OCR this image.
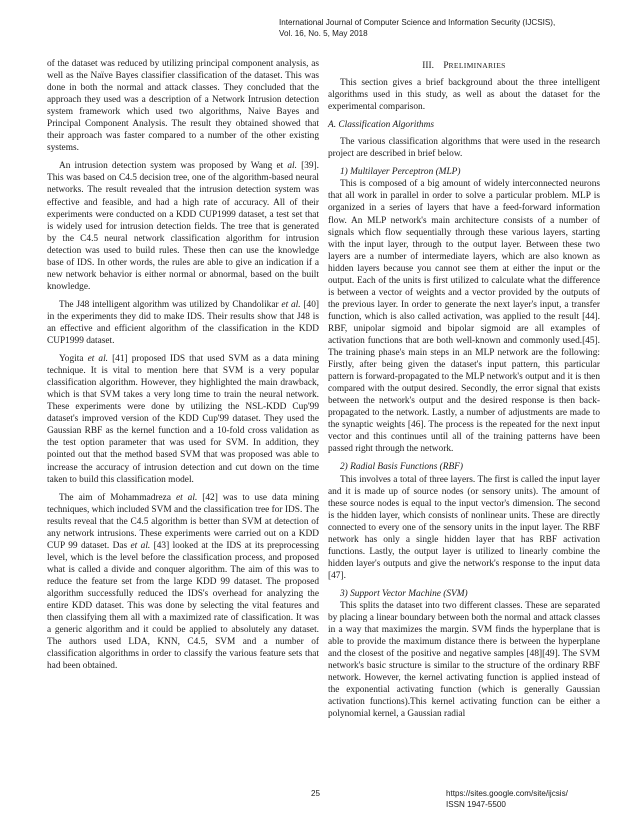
International Journal of Computer Science and Information Security (IJCSIS),
Vol. 16, No. 5, May 2018

of the dataset was reduced by utilizing principal component analysis, as well as the Naïve Bayes classifier classification of the dataset. This was done in both the normal and attack classes. They concluded that the approach they used was a description of a Network Intrusion detection system framework which used two algorithms, Naive Bayes and Principal Component Analysis. The result they obtained showed that their approach was faster compared to a number of the other existing systems.

An intrusion detection system was proposed by Wang et al. [39]. This was based on C4.5 decision tree, one of the algorithm-based neural networks. The result revealed that the intrusion detection system was effective and feasible, and had a high rate of accuracy. All of their experiments were conducted on a KDD CUP1999 dataset, a test set that is widely used for intrusion detection fields. The tree that is generated by the C4.5 neural network classification algorithm for intrusion detection was used to build rules. These then can use the knowledge base of IDS. In other words, the rules are able to give an indication if a new network behavior is either normal or abnormal, based on the built knowledge.

The J48 intelligent algorithm was utilized by Chandolikar et al. [40] in the experiments they did to make IDS. Their results show that J48 is an effective and efficient algorithm of the classification in the KDD CUP1999 dataset.

Yogita et al. [41] proposed IDS that used SVM as a data mining technique. It is vital to mention here that SVM is a very popular classification algorithm. However, they highlighted the main drawback, which is that SVM takes a very long time to train the neural network. These experiments were done by utilizing the NSL-KDD Cup'99 dataset's improved version of the KDD Cup'99 dataset. They used the Gaussian RBF as the kernel function and a 10-fold cross validation as the test option parameter that was used for SVM. In addition, they pointed out that the method based SVM that was proposed was able to increase the accuracy of intrusion detection and cut down on the time taken to build this classification model.

The aim of Mohammadreza et al. [42] was to use data mining techniques, which included SVM and the classification tree for IDS. The results reveal that the C4.5 algorithm is better than SVM at detection of any network intrusions. These experiments were carried out on a KDD CUP 99 dataset. Das et al. [43] looked at the IDS at its preprocessing level, which is the level before the classification process, and proposed what is called a divide and conquer algorithm. The aim of this was to reduce the feature set from the large KDD 99 dataset. The proposed algorithm successfully reduced the IDS's overhead for analyzing the entire KDD dataset. This was done by selecting the vital features and then classifying them all with a maximized rate of classification. It was a generic algorithm and it could be applied to absolutely any dataset. The authors used LDA, KNN, C4.5, SVM and a number of classification algorithms in order to classify the various feature sets that had been obtained.

III. PRELIMINARIES

This section gives a brief background about the three intelligent algorithms used in this study, as well as about the dataset for the experimental comparison.

A. Classification Algorithms

The various classification algorithms that were used in the research project are described in brief below.

1) Multilayer Perceptron (MLP)

This is composed of a big amount of widely interconnected neurons that all work in parallel in order to solve a particular problem. MLP is organized in a series of layers that have a feed-forward information flow. An MLP network's main architecture consists of a number of signals which flow sequentially through these various layers, starting with the input layer, through to the output layer. Between these two layers are a number of intermediate layers, which are also known as hidden layers because you cannot see them at either the input or the output. Each of the units is first utilized to calculate what the difference is between a vector of weights and a vector provided by the outputs of the previous layer. In order to generate the next layer's input, a transfer function, which is also called activation, was applied to the result [44]. RBF, unipolar sigmoid and bipolar sigmoid are all examples of activation functions that are both well-known and commonly used.[45]. The training phase's main steps in an MLP network are the following: Firstly, after being given the dataset's input pattern, this particular pattern is forward-propagated to the MLP network's output and it is then compared with the output desired. Secondly, the error signal that exists between the network's output and the desired response is then back-propagated to the network. Lastly, a number of adjustments are made to the synaptic weights [46]. The process is the repeated for the next input vector and this continues until all of the training patterns have been passed right through the network.

2) Radial Basis Functions (RBF)

This involves a total of three layers. The first is called the input layer and it is made up of source nodes (or sensory units). The amount of these source nodes is equal to the input vector's dimension. The second is the hidden layer, which consists of nonlinear units. These are directly connected to every one of the sensory units in the input layer. The RBF network has only a single hidden layer that has RBF activation functions. Lastly, the output layer is utilized to linearly combine the hidden layer's outputs and give the network's response to the input data [47].

3) Support Vector Machine (SVM)

This splits the dataset into two different classes. These are separated by placing a linear boundary between both the normal and attack classes in a way that maximizes the margin. SVM finds the hyperplane that is able to provide the maximum distance there is between the hyperplane and the closest of the positive and negative samples [48][49]. The SVM network's basic structure is similar to the structure of the ordinary RBF network. However, the kernel activating function is applied instead of the exponential activating function (which is generally Gaussian activation functions).This kernel activating function can be either a polynomial kernel, a Gaussian radial

25	https://sites.google.com/site/ijcsis/
ISSN 1947-5500
